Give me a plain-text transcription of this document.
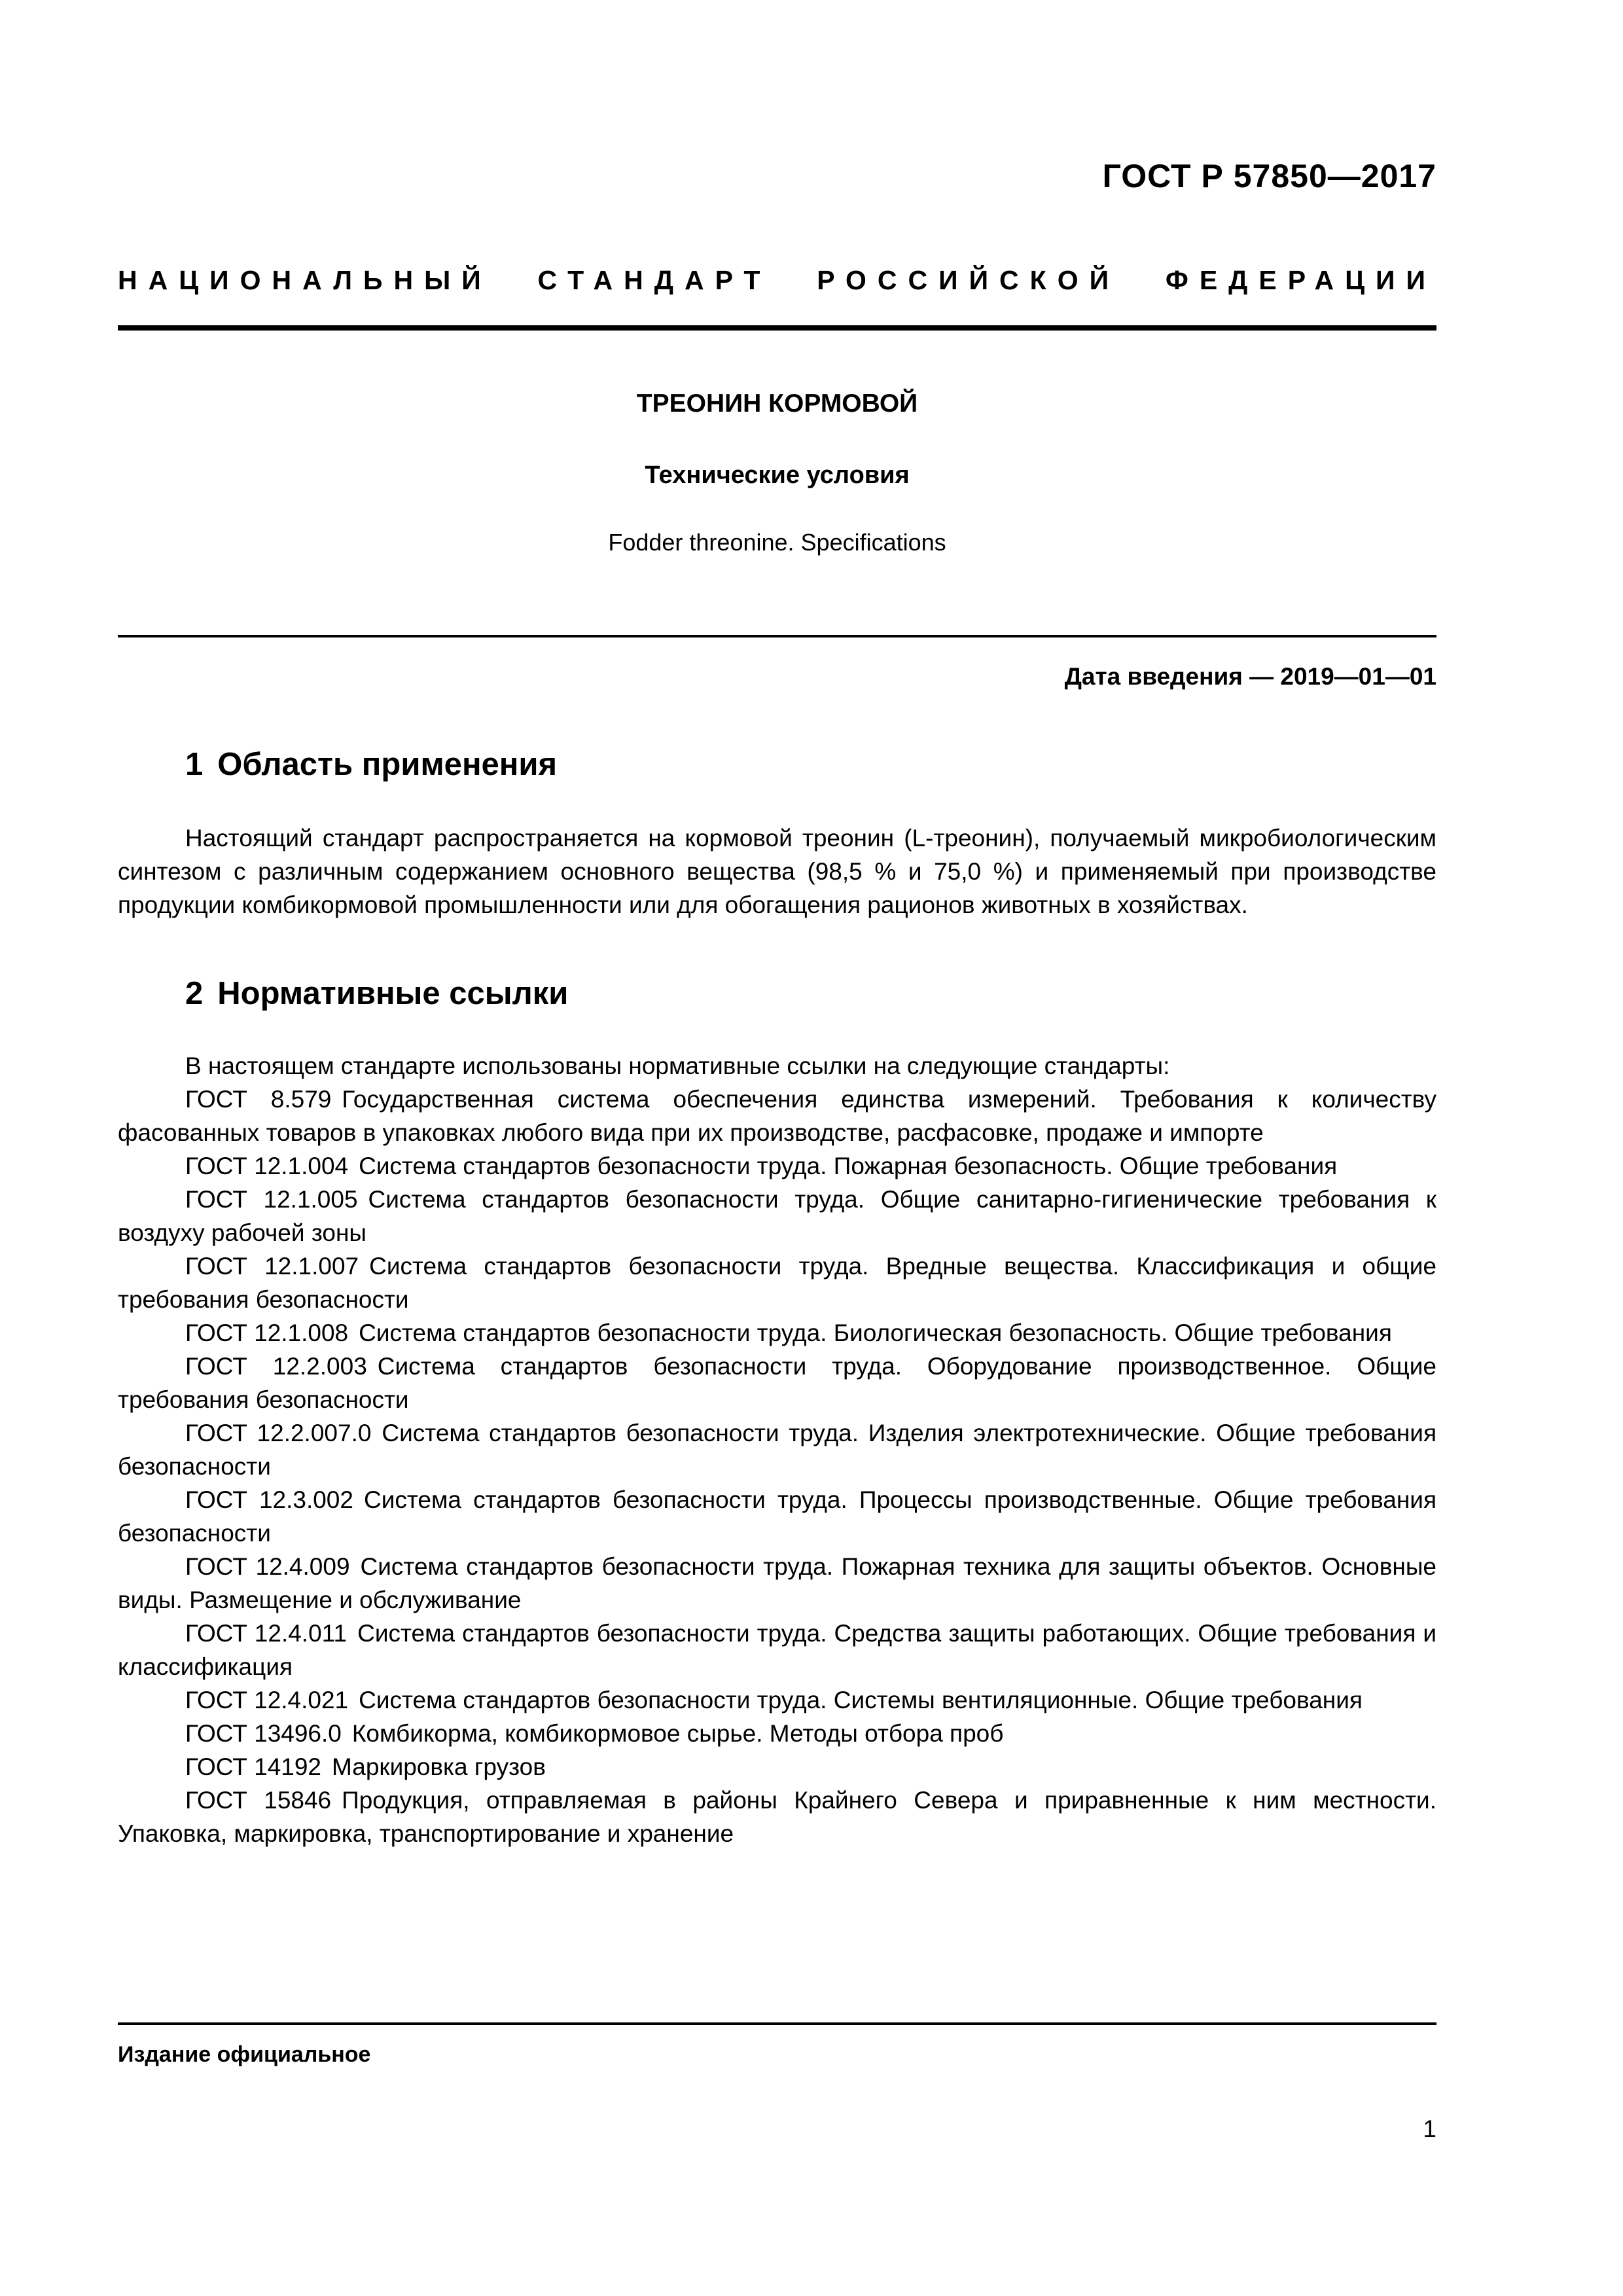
ГОСТ Р 57850—2017
НАЦИОНАЛЬНЫЙ СТАНДАРТ РОССИЙСКОЙ ФЕДЕРАЦИИ
ТРЕОНИН КОРМОВОЙ
Технические условия
Fodder threonine. Specifications
Дата введения — 2019—01—01
1 Область применения
Настоящий стандарт распространяется на кормовой треонин (L-треонин), получаемый микробиологическим синтезом с различным содержанием основного вещества (98,5 % и 75,0 %) и применяемый при производстве продукции комбикормовой промышленности или для обогащения рационов животных в хозяйствах.
2 Нормативные ссылки
В настоящем стандарте использованы нормативные ссылки на следующие стандарты:
ГОСТ 8.579 Государственная система обеспечения единства измерений. Требования к количеству фасованных товаров в упаковках любого вида при их производстве, расфасовке, продаже и импорте
ГОСТ 12.1.004 Система стандартов безопасности труда. Пожарная безопасность. Общие требования
ГОСТ 12.1.005 Система стандартов безопасности труда. Общие санитарно-гигиенические требования к воздуху рабочей зоны
ГОСТ 12.1.007 Система стандартов безопасности труда. Вредные вещества. Классификация и общие требования безопасности
ГОСТ 12.1.008 Система стандартов безопасности труда. Биологическая безопасность. Общие требования
ГОСТ 12.2.003 Система стандартов безопасности труда. Оборудование производственное. Общие требования безопасности
ГОСТ 12.2.007.0 Система стандартов безопасности труда. Изделия электротехнические. Общие требования безопасности
ГОСТ 12.3.002 Система стандартов безопасности труда. Процессы производственные. Общие требования безопасности
ГОСТ 12.4.009 Система стандартов безопасности труда. Пожарная техника для защиты объектов. Основные виды. Размещение и обслуживание
ГОСТ 12.4.011 Система стандартов безопасности труда. Средства защиты работающих. Общие требования и классификация
ГОСТ 12.4.021 Система стандартов безопасности труда. Системы вентиляционные. Общие требования
ГОСТ 13496.0 Комбикорма, комбикормовое сырье. Методы отбора проб
ГОСТ 14192 Маркировка грузов
ГОСТ 15846 Продукция, отправляемая в районы Крайнего Севера и приравненные к ним местности. Упаковка, маркировка, транспортирование и хранение
Издание официальное
1
